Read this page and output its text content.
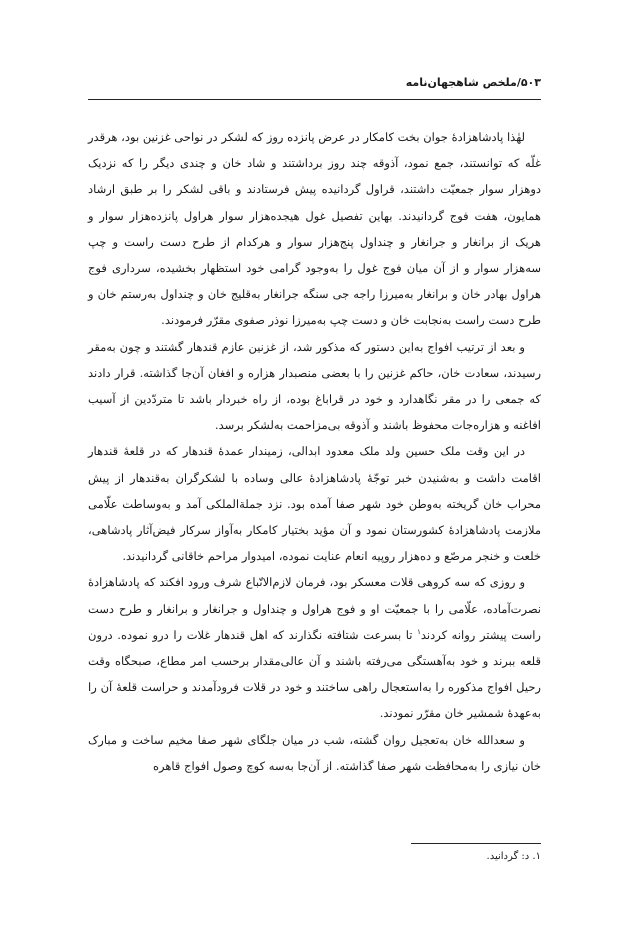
۵۰۳/ملخص شاهجهان‌نامه

لهٰذا پادشاهزادهٔ جوان بخت کامکار در عرض پانزده روز که لشکر در نواحی غزنین بود، هرقدر غلّه که توانستند، جمع نمود، آذوقه چند روز برداشتند و شاد خان و چندی دیگر را که نزدیک دوهزار سوار جمعیّت داشتند، قراول گردانیده پیش فرستادند و باقی لشکر را بر طبق ارشاد همایون، هفت فوج گردانیدند. بهاین تفصیل غول هیجده‌هزار سوار هراول پانزده‌هزار سوار و هریک از برانغار و جرانغار و چنداول پنج‌هزار سوار و هرکدام از طرح دست راست و چپ سه‌هزار سوار و از آن میان فوج غول را به‌وجود گرامی خود استظهار بخشیده، سرداری فوج هراول بهادر خان و برانغار به‌میرزا راجه جی سنگه جرانغار به‌قلیج خان و چنداول به‌رستم خان و طرح دست راست به‌نجابت خان و دست چپ به‌میرزا نوذر صفوی مقرّر فرمودند.

و بعد از ترتیب افواج به‌این دستور که مذکور شد، از غزنین عازم قندهار گشتند و چون به‌مقر رسیدند، سعادت خان، حاکم غزنین را با بعضی منصبدار هزاره و افغان آن‌جا گذاشته. قرار دادند که جمعی را در مقر نگاهدارد و خود در قراباغ بوده، از راه خبردار باشد تا متردّدین از آسیب افاغنه و هزاره‌جات محفوظ باشند و آذوقه بی‌مزاحمت به‌لشکر برسد.

در این وقت ملک حسین ولد ملک معدود ابدالی، زمیندار عمدهٔ قندهار که در قلعهٔ قندهار اقامت داشت و به‌شنیدن خبر توجّهٔ پادشاهزادهٔ عالی وساده با لشکرگران به‌قندهار از پیش محراب خان گریخته به‌وطن خود شهر صفا آمده بود. نزد جملة‌الملکی آمد و به‌وساطت علّامی ملازمت پادشاهزادهٔ کشورستان نمود و آن مؤید بختیار کامکار به‌آواز سرکار فیض‌آثار پادشاهی، خلعت و خنجر مرصّع و ده‌هزار روپیه انعام عنایت نموده، امیدوار مراحم خاقانی گردانیدند.

و روزی که سه کروهی قلات معسکر بود، فرمان لازم‌الاتّباع شرف ورود افکند که پادشاهزادهٔ نصرت‌آماده، علّامی را با جمعیّت او و فوج هراول و چنداول و جرانغار و برانغار و طرح دست راست پیشتر روانه کردند$^۱$ تا بسرعت شتافته نگذارند که اهل قندهار غلات را درو نموده. درون قلعه ببرند و خود به‌آهستگی می‌رفته باشند و آن عالی‌مقدار برحسب امر مطاع، صبحگاه وقت رحیل افواج مذکوره را به‌استعجال راهی ساختند و خود در قلات فرودآمدند و حراست قلعهٔ آن را به‌عهدهٔ شمشیر خان مقرّر نمودند.

و سعدالله خان به‌تعجیل روان گشته، شب در میان جلگای شهر صفا مخیم ساخت و مبارک خان نیازی را به‌محافظت شهر صفا گذاشته. از آن‌جا به‌سه کوچ وصول افواج قاهره

۱. د: گردانید.
